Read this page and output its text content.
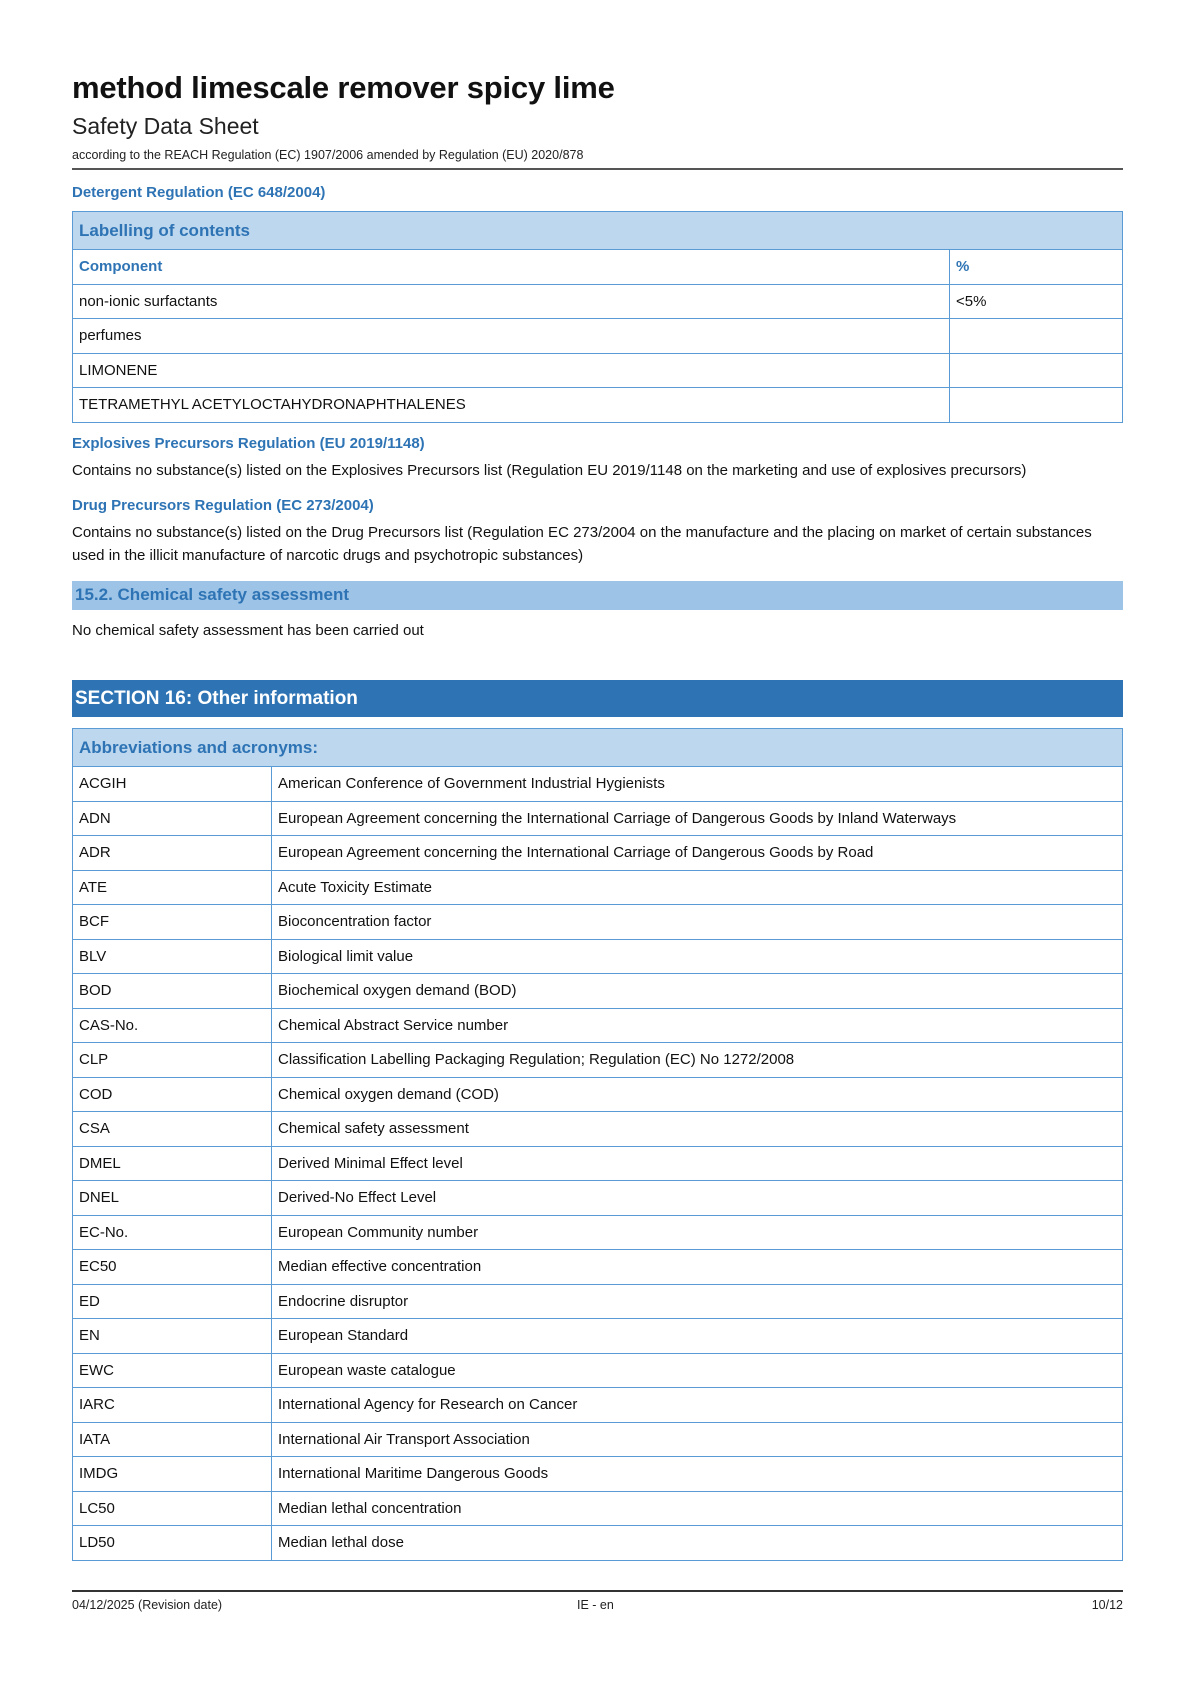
method limescale remover spicy lime
Safety Data Sheet
according to the REACH Regulation (EC) 1907/2006 amended by Regulation (EU) 2020/878
Detergent Regulation (EC 648/2004)
Labelling of contents	
Component	%
non-ionic surfactants	<5%
perfumes	
LIMONENE	
TETRAMETHYL ACETYLOCTAHYDRONAPHTHALENES	
Explosives Precursors Regulation (EU 2019/1148)
Contains no substance(s) listed on the Explosives Precursors list (Regulation EU 2019/1148 on the marketing and use of explosives precursors)
Drug Precursors Regulation (EC 273/2004)
Contains no substance(s) listed on the Drug Precursors list (Regulation EC 273/2004 on the manufacture and the placing on market of certain substances used in the illicit manufacture of narcotic drugs and psychotropic substances)
15.2. Chemical safety assessment
No chemical safety assessment has been carried out
SECTION 16: Other information
Abbreviations and acronyms:	
ACGIH	American Conference of Government Industrial Hygienists
ADN	European Agreement concerning the International Carriage of Dangerous Goods by Inland Waterways
ADR	European Agreement concerning the International Carriage of Dangerous Goods by Road
ATE	Acute Toxicity Estimate
BCF	Bioconcentration factor
BLV	Biological limit value
BOD	Biochemical oxygen demand (BOD)
CAS-No.	Chemical Abstract Service number
CLP	Classification Labelling Packaging Regulation; Regulation (EC) No 1272/2008
COD	Chemical oxygen demand (COD)
CSA	Chemical safety assessment
DMEL	Derived Minimal Effect level
DNEL	Derived-No Effect Level
EC-No.	European Community number
EC50	Median effective concentration
ED	Endocrine disruptor
EN	European Standard
EWC	European waste catalogue
IARC	International Agency for Research on Cancer
IATA	International Air Transport Association
IMDG	International Maritime Dangerous Goods
LC50	Median lethal concentration
LD50	Median lethal dose
04/12/2025 (Revision date)	IE - en	10/12
